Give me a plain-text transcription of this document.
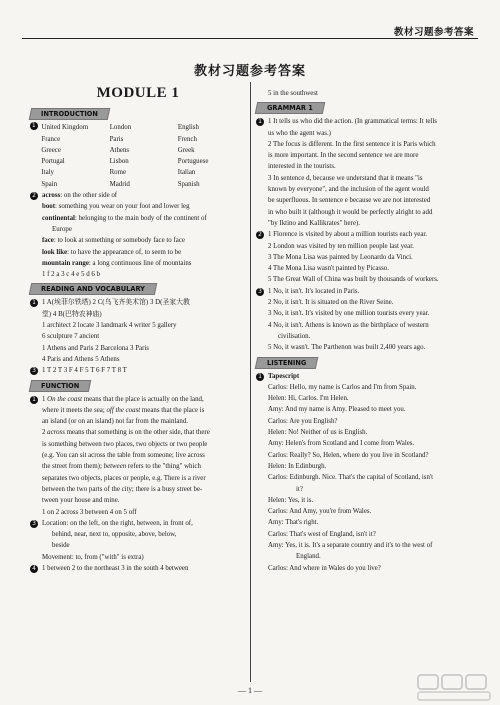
教材习题参考答案
教材习题参考答案
MODULE 1
INTRODUCTION
1 United Kingdom	London	English
France	Paris	French
Greece	Athens	Greek
Portugal	Lisbon	Portuguese
Italy	Rome	Italian
Spain	Madrid	Spanish

2 across: on the other side of

boot: something you wear on your foot and lower leg

continental: belonging to the main body of the continent of

Europe

face: to look at something or somebody face to face

look like: to have the appearance of, to seem to be

mountain range: a long continuous line of mountains

1 f 2 a 3 c 4 e 5 d 6 b

READING AND VOCABULARY

1 1 A(埃菲尔铁塔) 2 C(乌飞齐美术馆) 3 D(圣家大教

堂) 4 B(巴特农神庙)

1 architect 2 locate 3 landmark 4 writer 5 gallery

6 sculpture 7 ancient

1 Athens and Paris 2 Barcelona 3 Paris

4 Paris and Athens 5 Athens

3 1 T 2 T 3 F 4 F 5 T 6 F 7 T 8 T

FUNCTION

1 1 On the coast means that the place is actually on the land,

where it meets the sea; off the coast means that the place is

an island (or on an island) not far from the mainland.

2 across means that something is on the other side, that there

is something between two places, two objects or two people

(e.g. You can sit across the table from someone; live across

the street from them); between refers to the "thing" which

separates two objects, places or people, e.g. There is a river

between the two parts of the city; there is a busy street be-

tween your house and mine.

1 on 2 across 3 between 4 on 5 off

3 Location: on the left, on the right, between, in front of,

behind, near, next to, opposite, above, below,

beside

Movement: to, from ("with" is extra)

4 1 between 2 to the northeast 3 in the south 4 between

5 in the southwest

GRAMMAR 1

1 1 It tells us who did the action. (In grammatical terms: It tells

us who the agent was.)

2 The focus is different. In the first sentence it is Paris which

is more important. In the second sentence we are more

interested in the tourists.

3 In sentence d, because we understand that it means "is

known by everyone", and the inclusion of the agent would

be superfluous. In sentence e because we are not interested

in who built it (although it would be perfectly alright to add

"by Iktino and Kallikrates" here).

2 1 Florence is visited by about a million tourists each year.

2 London was visited by ten million people last year.

3 The Mona Lisa was painted by Leonardo da Vinci.

4 The Mona Lisa wasn't painted by Picasso.

5 The Great Wall of China was built by thousands of workers.

3 1 No, it isn't. It's located in Paris.

2 No, it isn't. It is situated on the River Seine.

3 No, it isn't. It's visited by one million tourists every year.

4 No, it isn't. Athens is known as the birthplace of western

civilisation.

5 No, it wasn't. The Parthenon was built 2,400 years ago.

LISTENING

1 Tapescript

Carlos: Hello, my name is Carlos and I'm from Spain.

Helen: Hi, Carlos. I'm Helen.

Amy: And my name is Amy. Pleased to meet you.

Carlos: Are you English?

Helen: No! Neither of us is English.

Amy: Helen's from Scotland and I come from Wales.

Carlos: Really? So, Helen, where do you live in Scotland?

Helen: In Edinburgh.

Carlos: Edinburgh. Nice. That's the capital of Scotland, isn't

it?

Helen: Yes, it is.

Carlos: And Amy, you're from Wales.

Amy: That's right.

Carlos: That's west of England, isn't it?

Amy: Yes, it is. It's a separate country and it's to the west of

England.

Carlos: And where in Wales do you live?

— 1 —
